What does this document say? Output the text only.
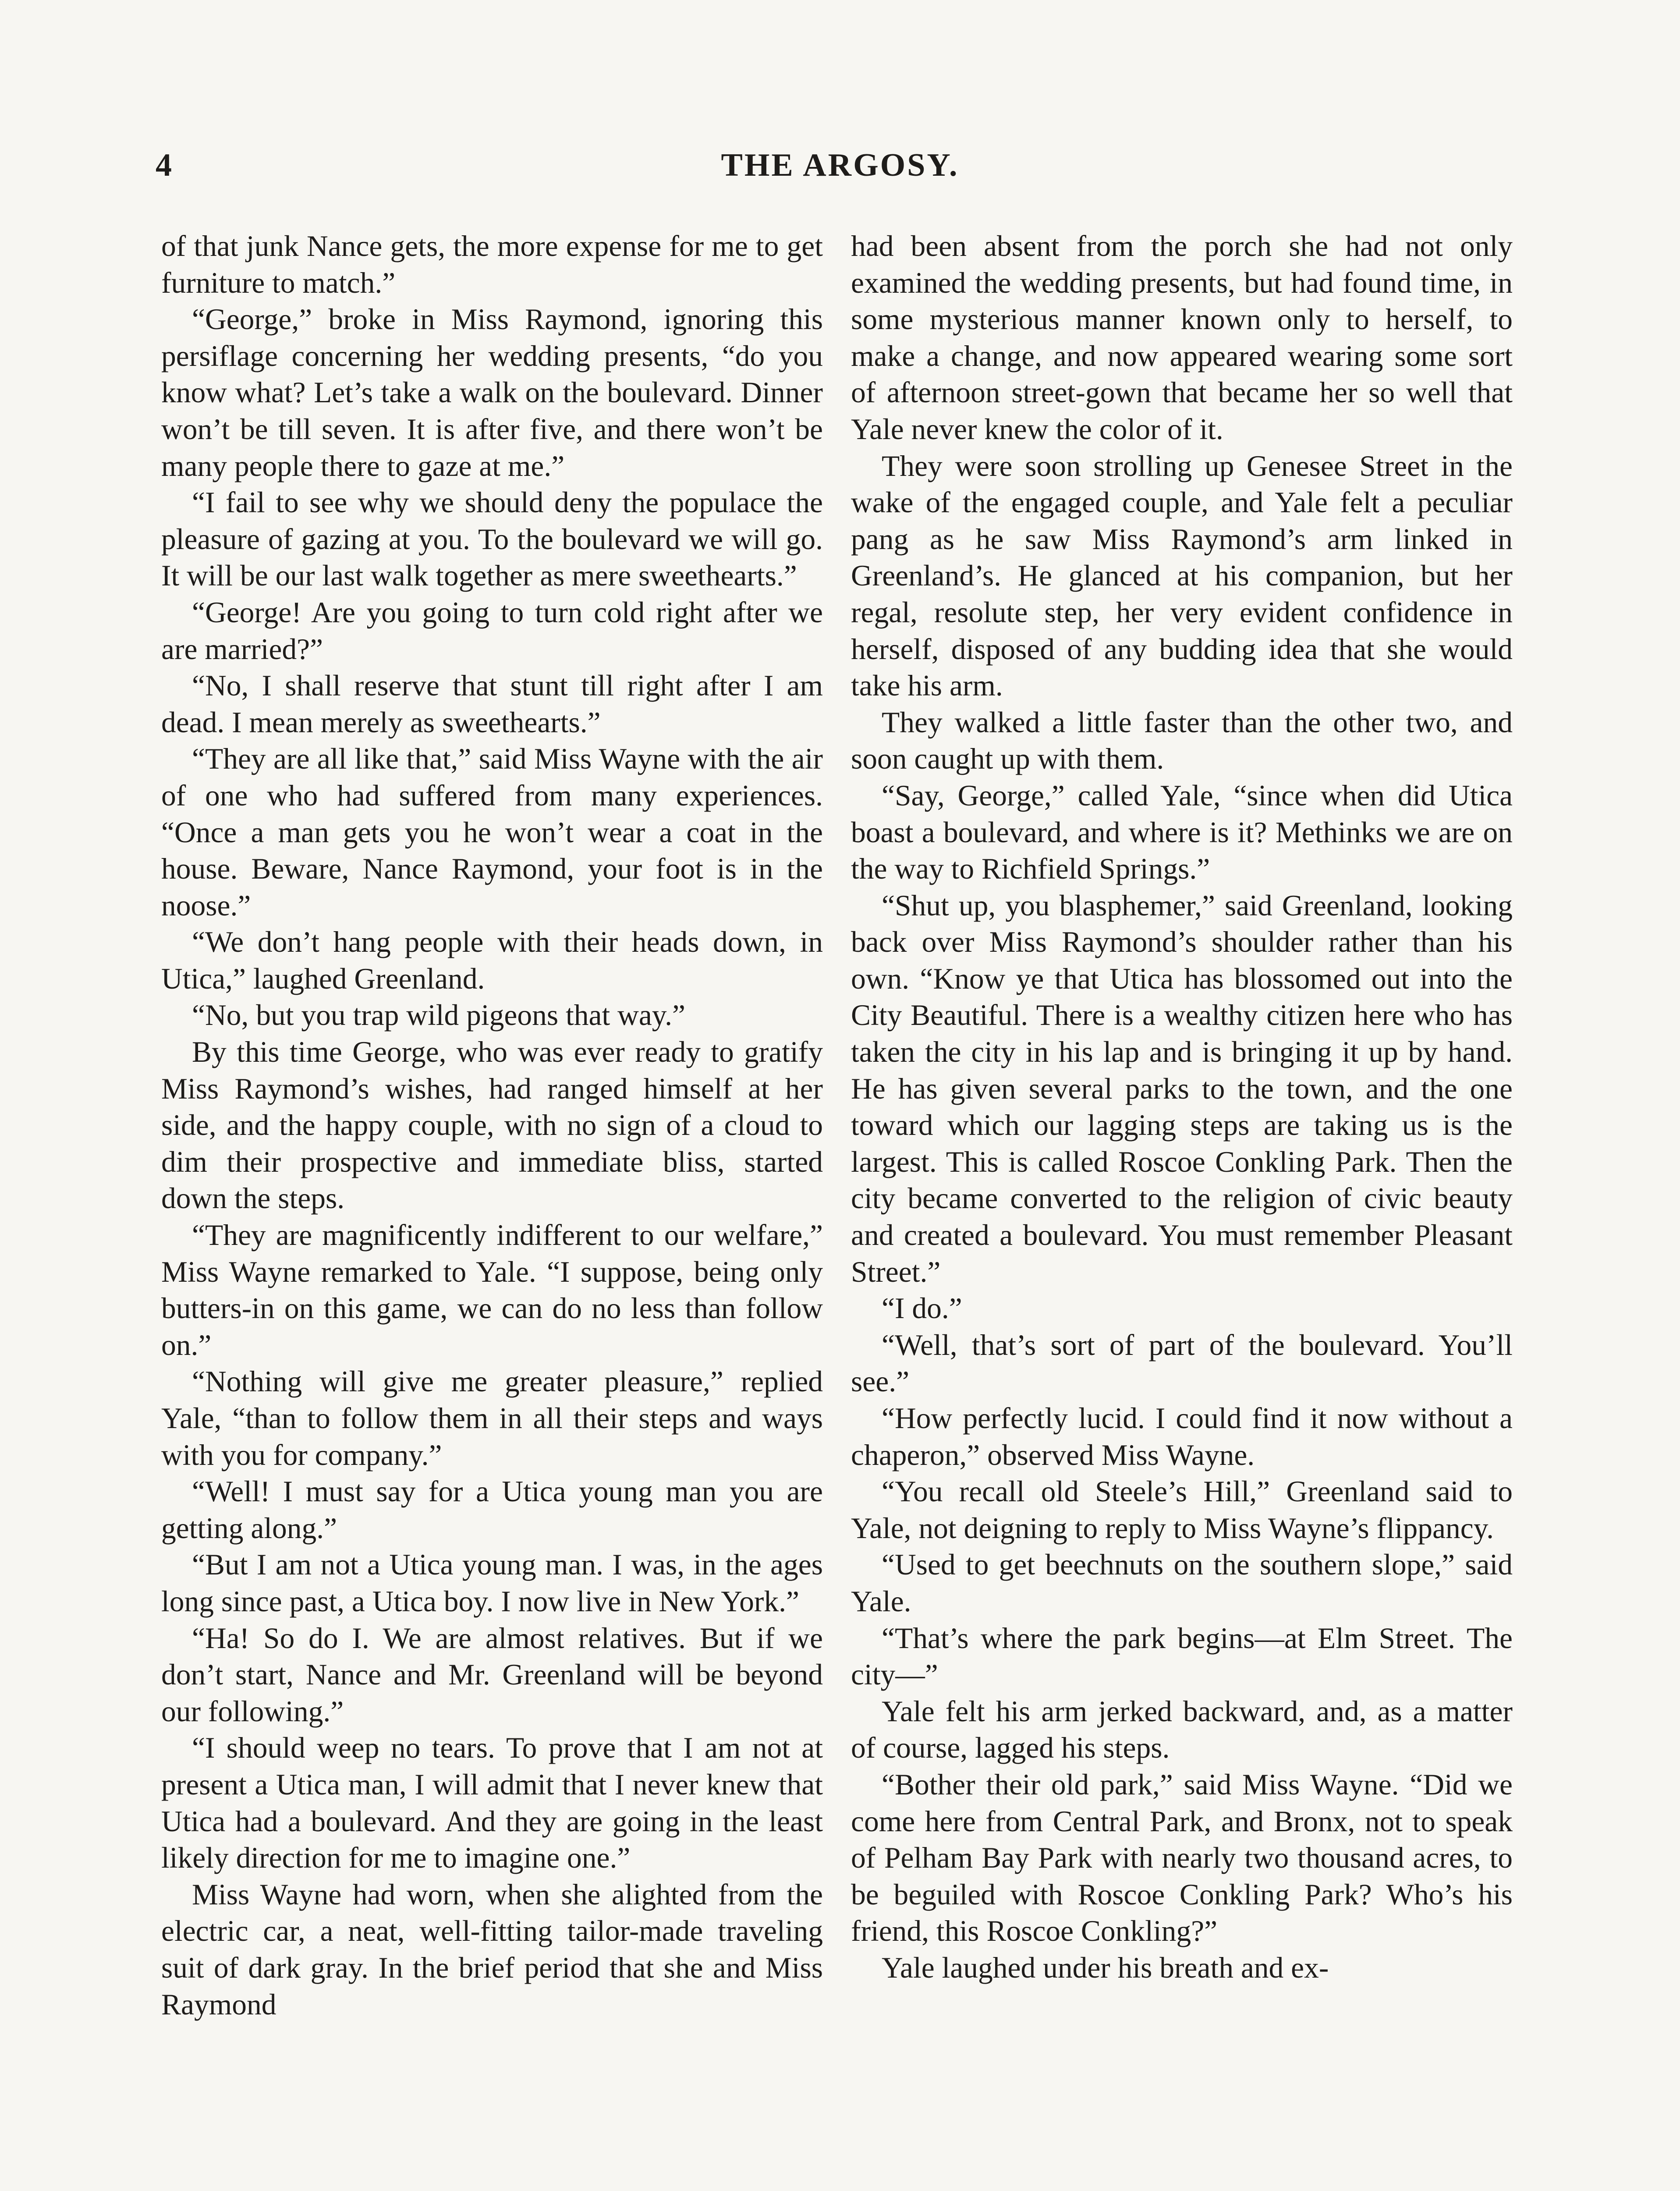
4	THE ARGOSY.

of that junk Nance gets, the more expense for me to get furniture to match.”

“George,” broke in Miss Raymond, ignoring this persiflage concerning her wedding presents, “do you know what? Let’s take a walk on the boulevard. Dinner won’t be till seven. It is after five, and there won’t be many people there to gaze at me.”

“I fail to see why we should deny the populace the pleasure of gazing at you. To the boulevard we will go. It will be our last walk together as mere sweethearts.”

“George! Are you going to turn cold right after we are married?”

“No, I shall reserve that stunt till right after I am dead. I mean merely as sweethearts.”

“They are all like that,” said Miss Wayne with the air of one who had suffered from many experiences. “Once a man gets you he won’t wear a coat in the house. Beware, Nance Raymond, your foot is in the noose.”

“We don’t hang people with their heads down, in Utica,” laughed Greenland.

“No, but you trap wild pigeons that way.”

By this time George, who was ever ready to gratify Miss Raymond’s wishes, had ranged himself at her side, and the happy couple, with no sign of a cloud to dim their prospective and immediate bliss, started down the steps.

“They are magnificently indifferent to our welfare,” Miss Wayne remarked to Yale. “I suppose, being only butters-in on this game, we can do no less than follow on.”

“Nothing will give me greater pleasure,” replied Yale, “than to follow them in all their steps and ways with you for company.”

“Well! I must say for a Utica young man you are getting along.”

“But I am not a Utica young man. I was, in the ages long since past, a Utica boy. I now live in New York.”

“Ha! So do I. We are almost relatives. But if we don’t start, Nance and Mr. Greenland will be beyond our following.”

“I should weep no tears. To prove that I am not at present a Utica man, I will admit that I never knew that Utica had a boulevard. And they are going in the least likely direction for me to imagine one.”

Miss Wayne had worn, when she alighted from the electric car, a neat, well-fitting tailor-made traveling suit of dark gray. In the brief period that she and Miss Raymond

had been absent from the porch she had not only examined the wedding presents, but had found time, in some mysterious manner known only to herself, to make a change, and now appeared wearing some sort of afternoon street-gown that became her so well that Yale never knew the color of it.

They were soon strolling up Genesee Street in the wake of the engaged couple, and Yale felt a peculiar pang as he saw Miss Raymond’s arm linked in Greenland’s. He glanced at his companion, but her regal, resolute step, her very evident confidence in herself, disposed of any budding idea that she would take his arm.

They walked a little faster than the other two, and soon caught up with them.

“Say, George,” called Yale, “since when did Utica boast a boulevard, and where is it? Methinks we are on the way to Richfield Springs.”

“Shut up, you blasphemer,” said Greenland, looking back over Miss Raymond’s shoulder rather than his own. “Know ye that Utica has blossomed out into the City Beautiful. There is a wealthy citizen here who has taken the city in his lap and is bringing it up by hand. He has given several parks to the town, and the one toward which our lagging steps are taking us is the largest. This is called Roscoe Conkling Park. Then the city became converted to the religion of civic beauty and created a boulevard. You must remember Pleasant Street.”

“I do.”

“Well, that’s sort of part of the boulevard. You’ll see.”

“How perfectly lucid. I could find it now without a chaperon,” observed Miss Wayne.

“You recall old Steele’s Hill,” Greenland said to Yale, not deigning to reply to Miss Wayne’s flippancy.

“Used to get beechnuts on the southern slope,” said Yale.

“That’s where the park begins—at Elm Street. The city—”

Yale felt his arm jerked backward, and, as a matter of course, lagged his steps.

“Bother their old park,” said Miss Wayne. “Did we come here from Central Park, and Bronx, not to speak of Pelham Bay Park with nearly two thousand acres, to be beguiled with Roscoe Conkling Park? Who’s his friend, this Roscoe Conkling?”

Yale laughed under his breath and ex-
